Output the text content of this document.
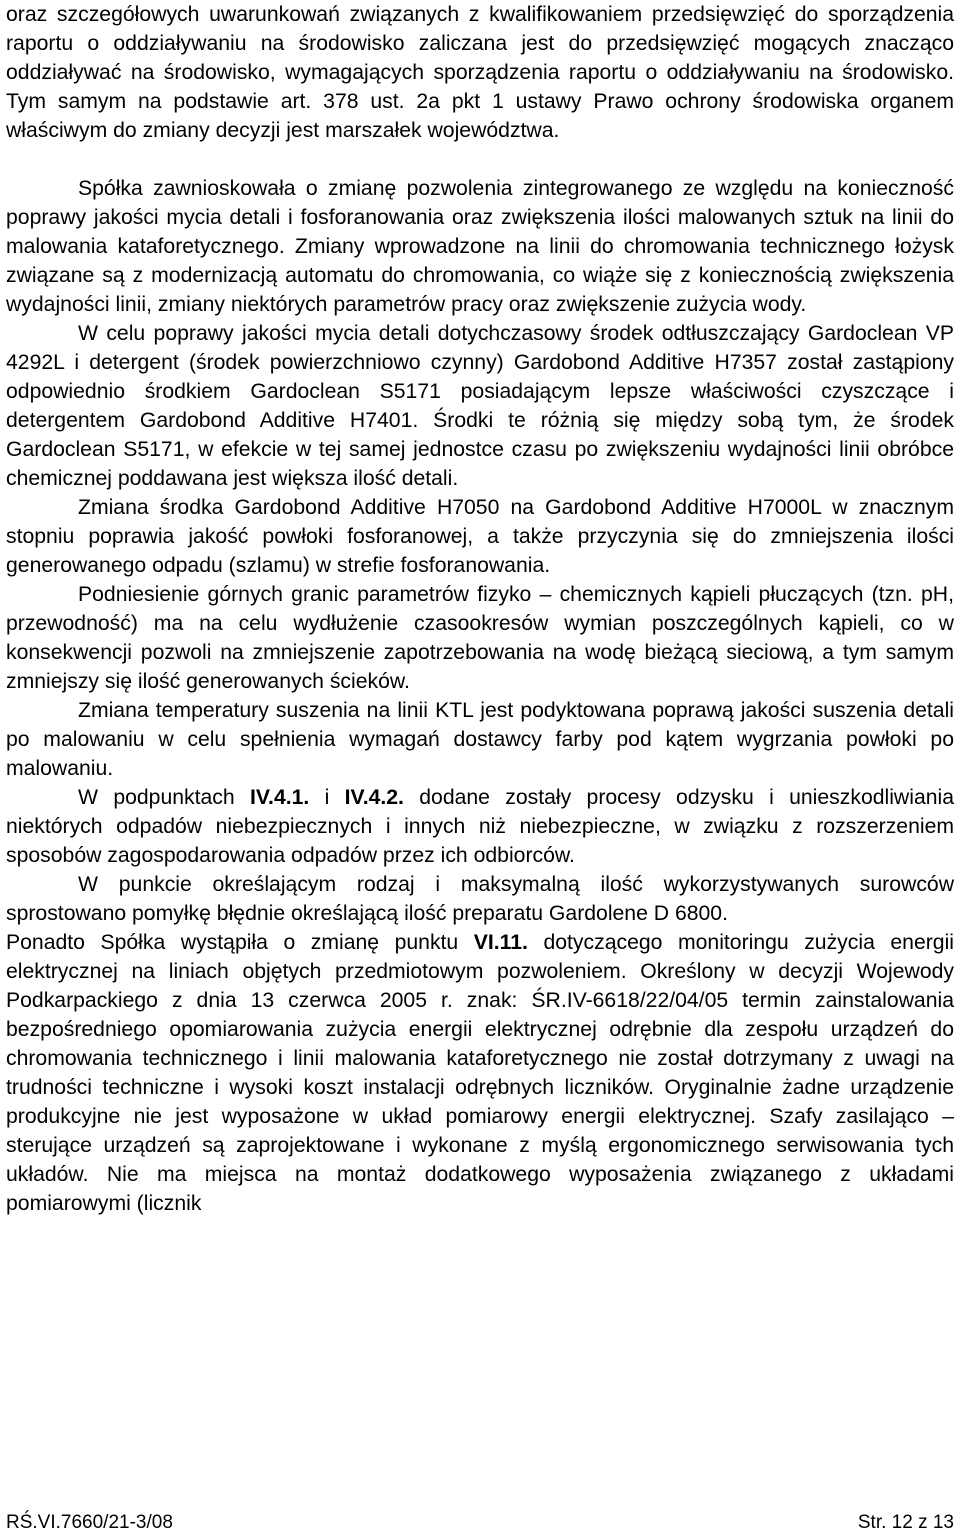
oraz szczegółowych uwarunkowań związanych z kwalifikowaniem przedsięwzięć do sporządzenia raportu o oddziaływaniu na środowisko zaliczana jest do przedsięwzięć mogących znacząco oddziaływać na środowisko, wymagających sporządzenia raportu o oddziaływaniu na środowisko. Tym samym na podstawie art. 378 ust. 2a pkt 1 ustawy Prawo ochrony środowiska organem właściwym do zmiany decyzji jest marszałek województwa.

Spółka zawnioskowała o zmianę pozwolenia zintegrowanego ze względu na konieczność poprawy jakości mycia detali i fosforanowania oraz zwiększenia ilości malowanych sztuk na linii do malowania kataforetycznego. Zmiany wprowadzone na linii do chromowania technicznego łożysk związane są z modernizacją automatu do chromowania, co wiąże się z koniecznością zwiększenia wydajności linii, zmiany niektórych parametrów pracy oraz zwiększenie zużycia wody.

W celu poprawy jakości mycia detali dotychczasowy środek odtłuszczający Gardoclean VP 4292L i detergent (środek powierzchniowo czynny) Gardobond Additive H7357 został zastąpiony odpowiednio środkiem Gardoclean S5171 posiadającym lepsze właściwości czyszczące i detergentem Gardobond Additive H7401. Środki te różnią się między sobą tym, że środek Gardoclean S5171, w efekcie w tej samej jednostce czasu po zwiększeniu wydajności linii obróbce chemicznej poddawana jest większa ilość detali.

Zmiana środka Gardobond Additive H7050 na Gardobond Additive H7000L w znacznym stopniu poprawia jakość powłoki fosforanowej, a także przyczynia się do zmniejszenia ilości generowanego odpadu (szlamu) w strefie fosforanowania.

Podniesienie górnych granic parametrów fizyko – chemicznych kąpieli płuczących (tzn. pH, przewodność) ma na celu wydłużenie czasookresów wymian poszczególnych kąpieli, co w konsekwencji pozwoli na zmniejszenie zapotrzebowania na wodę bieżącą sieciową, a tym samym zmniejszy się ilość generowanych ścieków.

Zmiana temperatury suszenia na linii KTL jest podyktowana poprawą jakości suszenia detali po malowaniu w celu spełnienia wymagań dostawcy farby pod kątem wygrzania powłoki po malowaniu.

W podpunktach IV.4.1. i IV.4.2. dodane zostały procesy odzysku i unieszkodliwiania niektórych odpadów niebezpiecznych i innych niż niebezpieczne, w związku z rozszerzeniem sposobów zagospodarowania odpadów przez ich odbiorców.

W punkcie określającym rodzaj i maksymalną ilość wykorzystywanych surowców sprostowano pomyłkę błędnie określającą ilość preparatu Gardolene D 6800.

Ponadto Spółka wystąpiła o zmianę punktu VI.11. dotyczącego monitoringu zużycia energii elektrycznej na liniach objętych przedmiotowym pozwoleniem. Określony w decyzji Wojewody Podkarpackiego z dnia 13 czerwca 2005 r. znak: ŚR.IV-6618/22/04/05 termin zainstalowania bezpośredniego opomiarowania zużycia energii elektrycznej odrębnie dla zespołu urządzeń do chromowania technicznego i linii malowania kataforetycznego nie został dotrzymany z uwagi na trudności techniczne i wysoki koszt instalacji odrębnych liczników. Oryginalnie żadne urządzenie produkcyjne nie jest wyposażone w układ pomiarowy energii elektrycznej. Szafy zasilająco – sterujące urządzeń są zaprojektowane i wykonane z myślą ergonomicznego serwisowania tych układów. Nie ma miejsca na montaż dodatkowego wyposażenia związanego z układami pomiarowymi (licznik

RŚ.VI.7660/21-3/08	Str. 12 z 13
